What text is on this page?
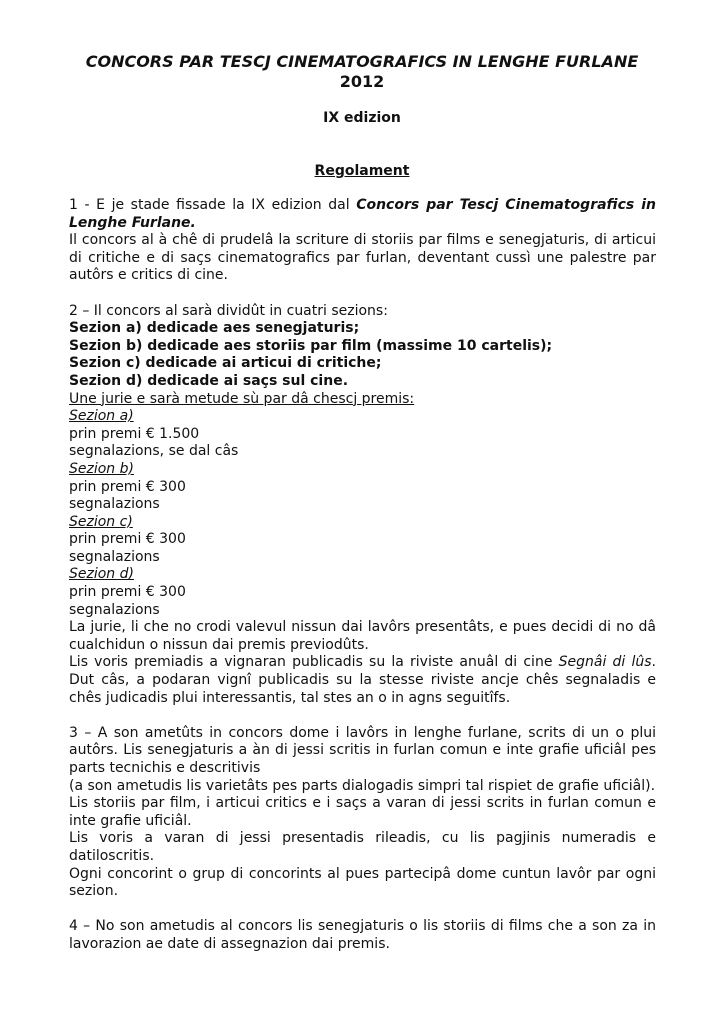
CONCORS PAR TESCJ CINEMATOGRAFICS IN LENGHE FURLANE
2012
IX edizion
Regolament

1 - E je stade fissade la IX edizion dal Concors par Tescj Cinematografics in Lenghe Furlane.

Il concors al à chê di prudelâ la scriture di storiis par films e senegjaturis, di articui di critiche e di saçs cinematografics par furlan, deventant cussì une palestre par autôrs e critics di cine.

2 – Il concors al sarà dividût in cuatri sezions:

Sezion a) dedicade aes senegjaturis;

Sezion b) dedicade aes storiis par film (massime 10 cartelis);

Sezion c) dedicade ai articui di critiche;

Sezion d) dedicade ai saçs sul cine.

Une jurie e sarà metude sù par dâ chescj premis:

Sezion a)

prin premi € 1.500

segnalazions, se dal câs

Sezion b)

prin premi € 300

segnalazions

Sezion c)

prin premi € 300

segnalazions

Sezion d)

prin premi € 300

segnalazions

La jurie, li che no crodi valevul nissun dai lavôrs presentâts, e pues decidi di no dâ cualchidun o nissun dai premis previodûts.

Lis voris premiadis a vignaran publicadis su la riviste anuâl di cine Segnâi di lûs. Dut câs, a podaran vignî publicadis su la stesse riviste ancje chês segnaladis e chês judicadis plui interessantis, tal stes an o in agns seguitîfs.

3 – A son ametûts in concors dome i lavôrs in lenghe furlane, scrits di un o plui autôrs. Lis senegjaturis a àn di jessi scritis in furlan comun e inte grafie uficiâl pes parts tecnichis e descritivis

(a son ametudis lis varietâts pes parts dialogadis simpri tal rispiet de grafie uficiâl).

Lis storiis par film, i articui critics e i saçs a varan di jessi scrits in furlan comun e inte grafie uficiâl.

Lis voris a varan di jessi presentadis rileadis, cu lis pagjinis numeradis e datiloscritis.

Ogni concorint o grup di concorints al pues partecipâ dome cuntun lavôr par ogni sezion.

4 – No son ametudis al concors lis senegjaturis o lis storiis di films che a son za in lavorazion ae date di assegnazion dai premis.
